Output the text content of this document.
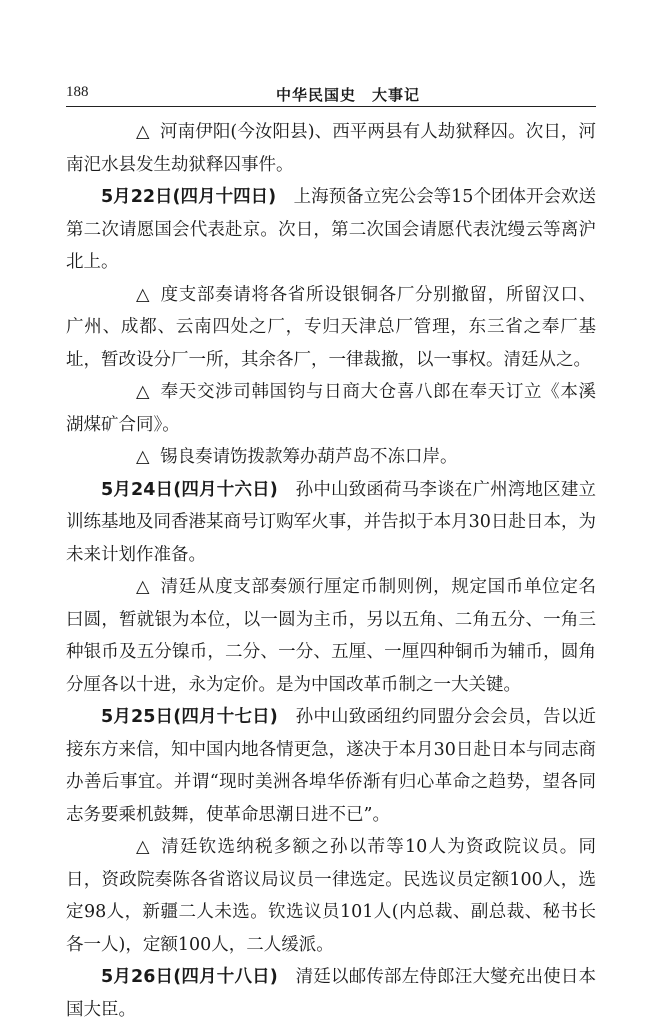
188	中华民国史　大事记

△ 河南伊阳(今汝阳县)、西平两县有人劫狱释囚。次日，河南汜水县发生劫狱释囚事件。

5月22日(四月十四日)　 上海预备立宪公会等15个团体开会欢送第二次请愿国会代表赴京。次日，第二次国会请愿代表沈缦云等离沪北上。

△ 度支部奏请将各省所设银铜各厂分别撤留，所留汉口、广州、成都、云南四处之厂，专归天津总厂管理，东三省之奉厂基址，暂改设分厂一所，其余各厂，一律裁撤，以一事权。清廷从之。

△ 奉天交涉司韩国钧与日商大仓喜八郎在奉天订立《本溪湖煤矿合同》。

△ 锡良奏请饬拨款筹办葫芦岛不冻口岸。

5月24日(四月十六日)　 孙中山致函荷马李谈在广州湾地区建立训练基地及同香港某商号订购军火事，并告拟于本月30日赴日本，为未来计划作准备。

△ 清廷从度支部奏颁行厘定币制则例，规定国币单位定名曰圆，暂就银为本位，以一圆为主币，另以五角、二角五分、一角三种银币及五分镍币，二分、一分、五厘、一厘四种铜币为辅币，圆角分厘各以十进，永为定价。是为中国改革币制之一大关键。

5月25日(四月十七日)　 孙中山致函纽约同盟分会会员，告以近接东方来信，知中国内地各情更急，遂决于本月30日赴日本与同志商办善后事宜。并谓“现时美洲各埠华侨渐有归心革命之趋势，望各同志务要乘机鼓舞，使革命思潮日进不已”。

△ 清廷钦选纳税多额之孙以芾等10人为资政院议员。同日，资政院奏陈各省谘议局议员一律选定。民选议员定额100人，选定98人，新疆二人未选。钦选议员101人(内总裁、副总裁、秘书长各一人)，定额100人，二人缓派。

5月26日(四月十八日)　 清廷以邮传部左侍郎汪大燮充出使日本国大臣。
